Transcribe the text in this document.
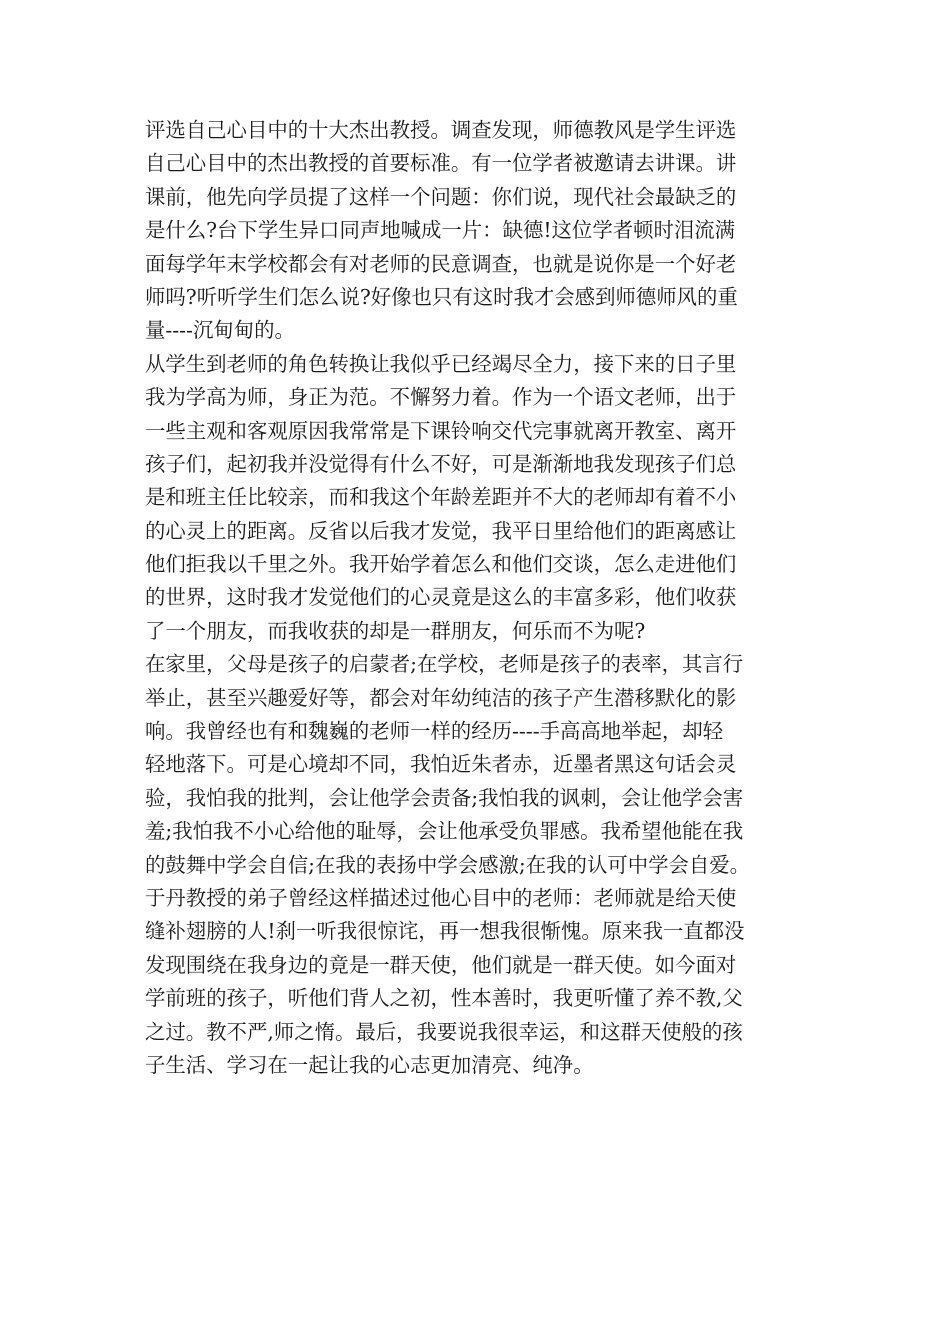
评选自己心目中的十大杰出教授。调查发现，师德教风是学生评选
自己心目中的杰出教授的首要标准。有一位学者被邀请去讲课。讲
课前，他先向学员提了这样一个问题：你们说，现代社会最缺乏的
是什么?台下学生异口同声地喊成一片：缺德!这位学者顿时泪流满
面每学年末学校都会有对老师的民意调查，也就是说你是一个好老
师吗?听听学生们怎么说?好像也只有这时我才会感到师德师风的重
量----沉甸甸的。
从学生到老师的角色转换让我似乎已经竭尽全力，接下来的日子里
我为学高为师，身正为范。不懈努力着。作为一个语文老师，出于
一些主观和客观原因我常常是下课铃响交代完事就离开教室、离开
孩子们，起初我并没觉得有什么不好，可是渐渐地我发现孩子们总
是和班主任比较亲，而和我这个年龄差距并不大的老师却有着不小
的心灵上的距离。反省以后我才发觉，我平日里给他们的距离感让
他们拒我以千里之外。我开始学着怎么和他们交谈，怎么走进他们
的世界，这时我才发觉他们的心灵竟是这么的丰富多彩，他们收获
了一个朋友，而我收获的却是一群朋友，何乐而不为呢?
在家里，父母是孩子的启蒙者;在学校，老师是孩子的表率，其言行
举止，甚至兴趣爱好等，都会对年幼纯洁的孩子产生潜移默化的影
响。我曾经也有和魏巍的老师一样的经历----手高高地举起，却轻
轻地落下。可是心境却不同，我怕近朱者赤，近墨者黑这句话会灵
验，我怕我的批判，会让他学会责备;我怕我的讽刺，会让他学会害
羞;我怕我不小心给他的耻辱，会让他承受负罪感。我希望他能在我
的鼓舞中学会自信;在我的表扬中学会感激;在我的认可中学会自爱。
于丹教授的弟子曾经这样描述过他心目中的老师：老师就是给天使
缝补翅膀的人!刹一听我很惊诧，再一想我很惭愧。原来我一直都没
发现围绕在我身边的竟是一群天使，他们就是一群天使。如今面对
学前班的孩子，听他们背人之初，性本善时，我更听懂了养不教,父
之过。教不严,师之惰。最后，我要说我很幸运，和这群天使般的孩
子生活、学习在一起让我的心志更加清亮、纯净。
